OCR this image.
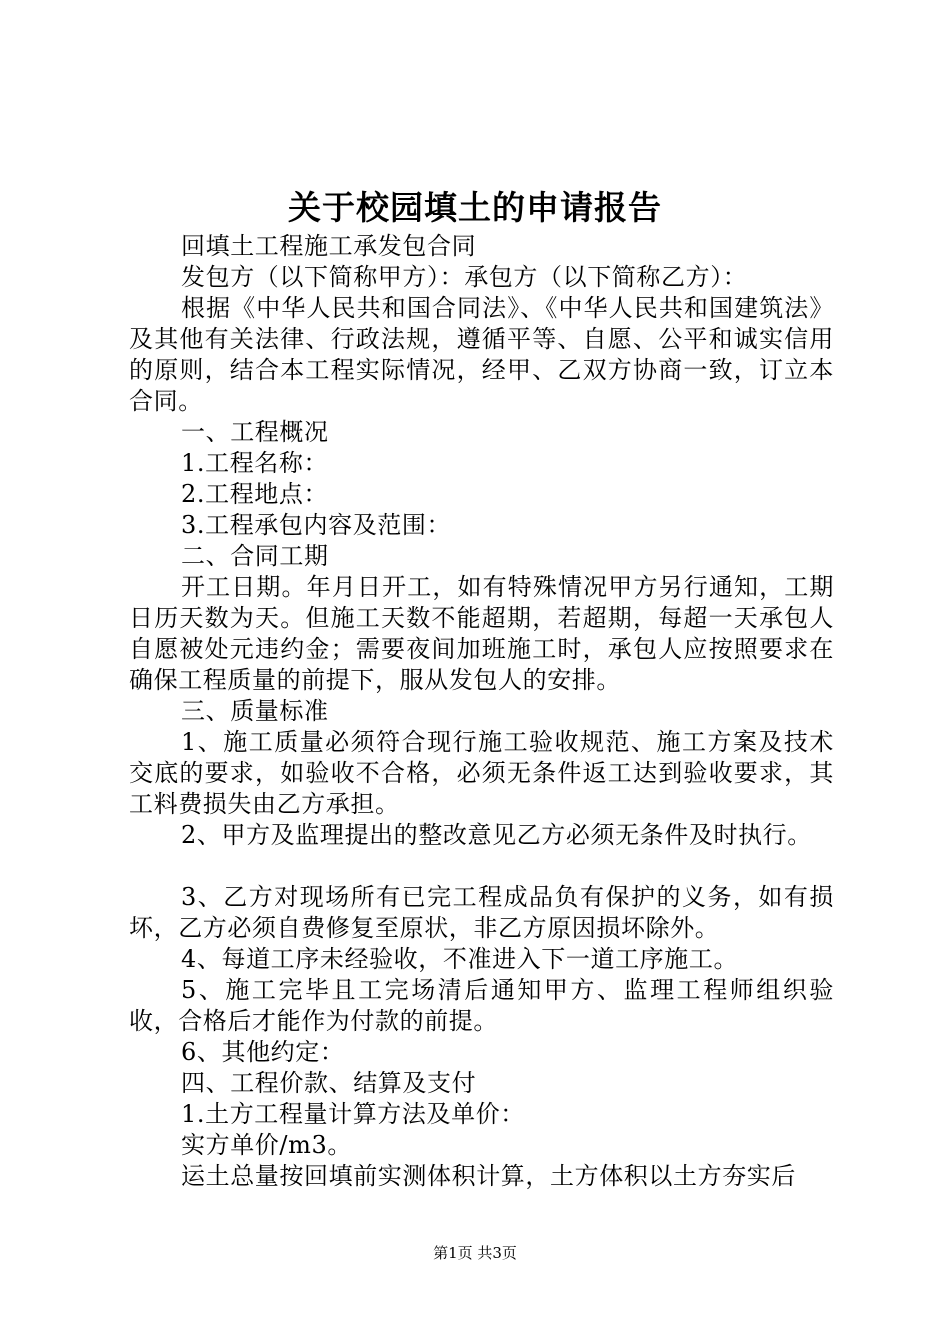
关于校园填土的申请报告

回填土工程施工承发包合同

发包方（以下简称甲方）：承包方（以下简称乙方）：

根据《中华人民共和国合同法》、《中华人民共和国建筑法》及其他有关法律、行政法规，遵循平等、自愿、公平和诚实信用的原则，结合本工程实际情况，经甲、乙双方协商一致，订立本合同。

一、工程概况

1.工程名称：

2.工程地点：

3.工程承包内容及范围：

二、合同工期

开工日期。年月日开工，如有特殊情况甲方另行通知，工期日历天数为天。但施工天数不能超期，若超期，每超一天承包人自愿被处元违约金；需要夜间加班施工时，承包人应按照要求在确保工程质量的前提下，服从发包人的安排。

三、质量标准

1、施工质量必须符合现行施工验收规范、施工方案及技术交底的要求，如验收不合格，必须无条件返工达到验收要求，其工料费损失由乙方承担。

2、甲方及监理提出的整改意见乙方必须无条件及时执行。

3、乙方对现场所有已完工程成品负有保护的义务，如有损坏，乙方必须自费修复至原状，非乙方原因损坏除外。

4、每道工序未经验收，不准进入下一道工序施工。

5、施工完毕且工完场清后通知甲方、监理工程师组织验收，合格后才能作为付款的前提。

6、其他约定：

四、工程价款、结算及支付

1.土方工程量计算方法及单价：

实方单价/m3。

运土总量按回填前实测体积计算，土方体积以土方夯实后

第1页 共3页
